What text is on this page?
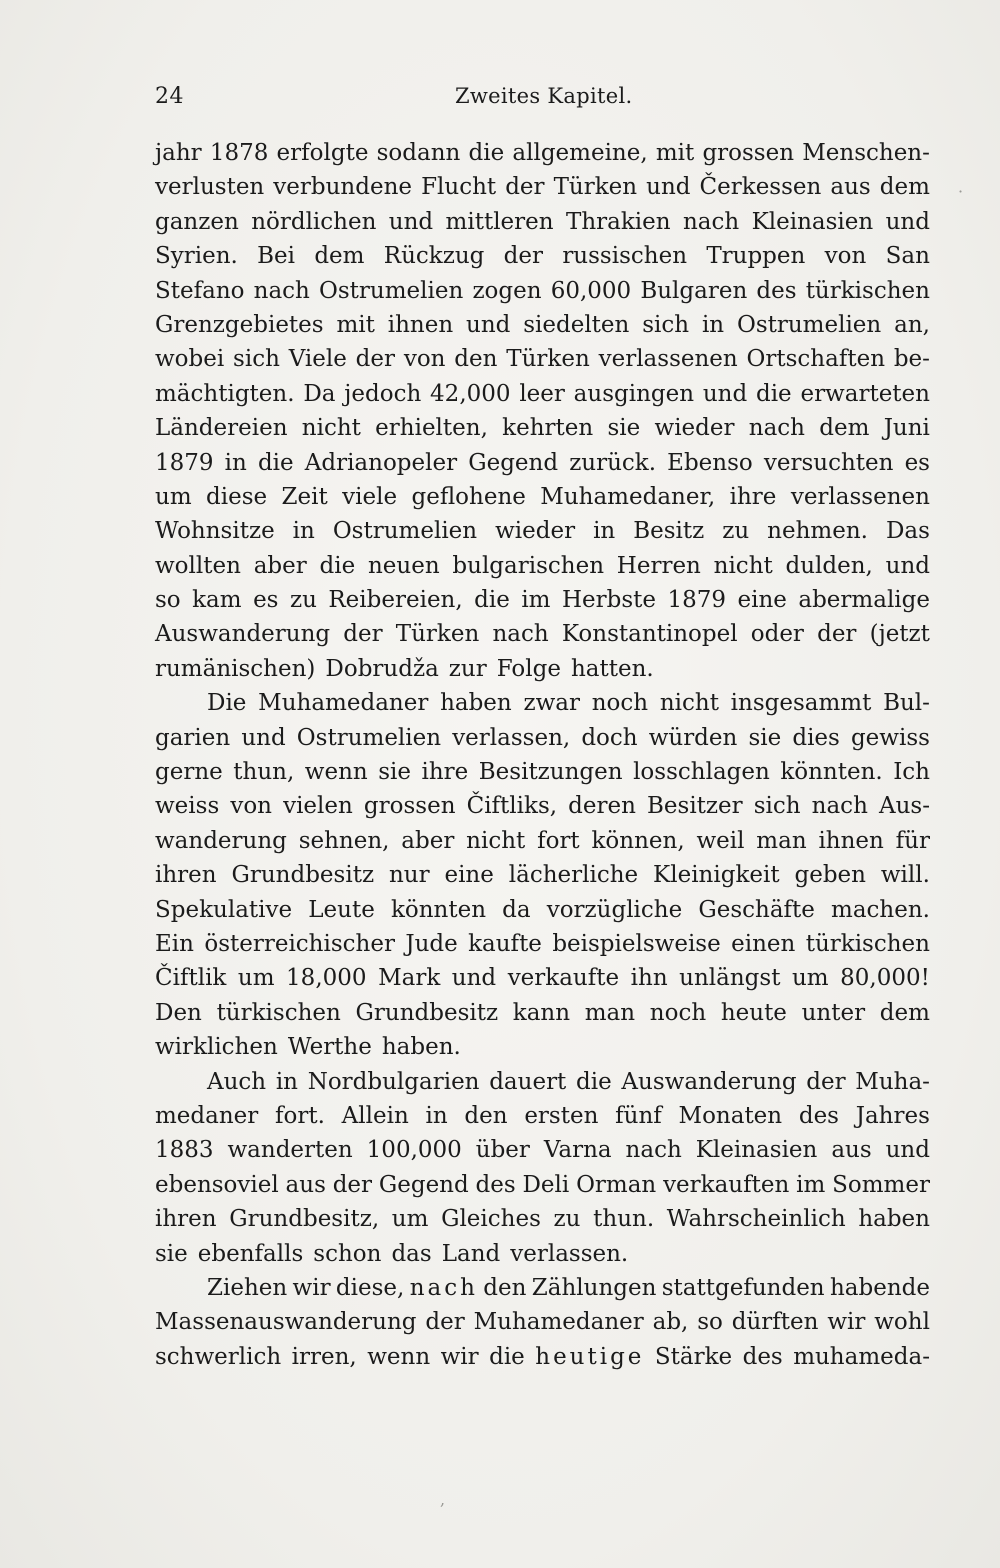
24	Zweites Kapitel.
jahr 1878 erfolgte sodann die allgemeine, mit grossen Menschen-
verlusten verbundene Flucht der Türken und Čerkessen aus dem
ganzen nördlichen und mittleren Thrakien nach Kleinasien und
Syrien. Bei dem Rückzug der russischen Truppen von San
Stefano nach Ostrumelien zogen 60,000 Bulgaren des türkischen
Grenzgebietes mit ihnen und siedelten sich in Ostrumelien an,
wobei sich Viele der von den Türken verlassenen Ortschaften be-
mächtigten. Da jedoch 42,000 leer ausgingen und die erwarteten
Ländereien nicht erhielten, kehrten sie wieder nach dem Juni
1879 in die Adrianopeler Gegend zurück. Ebenso versuchten es
um diese Zeit viele geflohene Muhamedaner, ihre verlassenen
Wohnsitze in Ostrumelien wieder in Besitz zu nehmen. Das
wollten aber die neuen bulgarischen Herren nicht dulden, und
so kam es zu Reibereien, die im Herbste 1879 eine abermalige
Auswanderung der Türken nach Konstantinopel oder der (jetzt
rumänischen) Dobrudža zur Folge hatten.
Die Muhamedaner haben zwar noch nicht insgesammt Bul-
garien und Ostrumelien verlassen, doch würden sie dies gewiss
gerne thun, wenn sie ihre Besitzungen losschlagen könnten. Ich
weiss von vielen grossen Čiftliks, deren Besitzer sich nach Aus-
wanderung sehnen, aber nicht fort können, weil man ihnen für
ihren Grundbesitz nur eine lächerliche Kleinigkeit geben will.
Spekulative Leute könnten da vorzügliche Geschäfte machen.
Ein österreichischer Jude kaufte beispielsweise einen türkischen
Čiftlik um 18,000 Mark und verkaufte ihn unlängst um 80,000!
Den türkischen Grundbesitz kann man noch heute unter dem
wirklichen Werthe haben.
Auch in Nordbulgarien dauert die Auswanderung der Muha-
medaner fort. Allein in den ersten fünf Monaten des Jahres
1883 wanderten 100,000 über Varna nach Kleinasien aus und
ebensoviel aus der Gegend des Deli Orman verkauften im Sommer
ihren Grundbesitz, um Gleiches zu thun. Wahrscheinlich haben
sie ebenfalls schon das Land verlassen.
Ziehen wir diese, nach den Zählungen stattgefunden habende
Massenauswanderung der Muhamedaner ab, so dürften wir wohl
schwerlich irren, wenn wir die heutige Stärke des muhameda-
·
,
